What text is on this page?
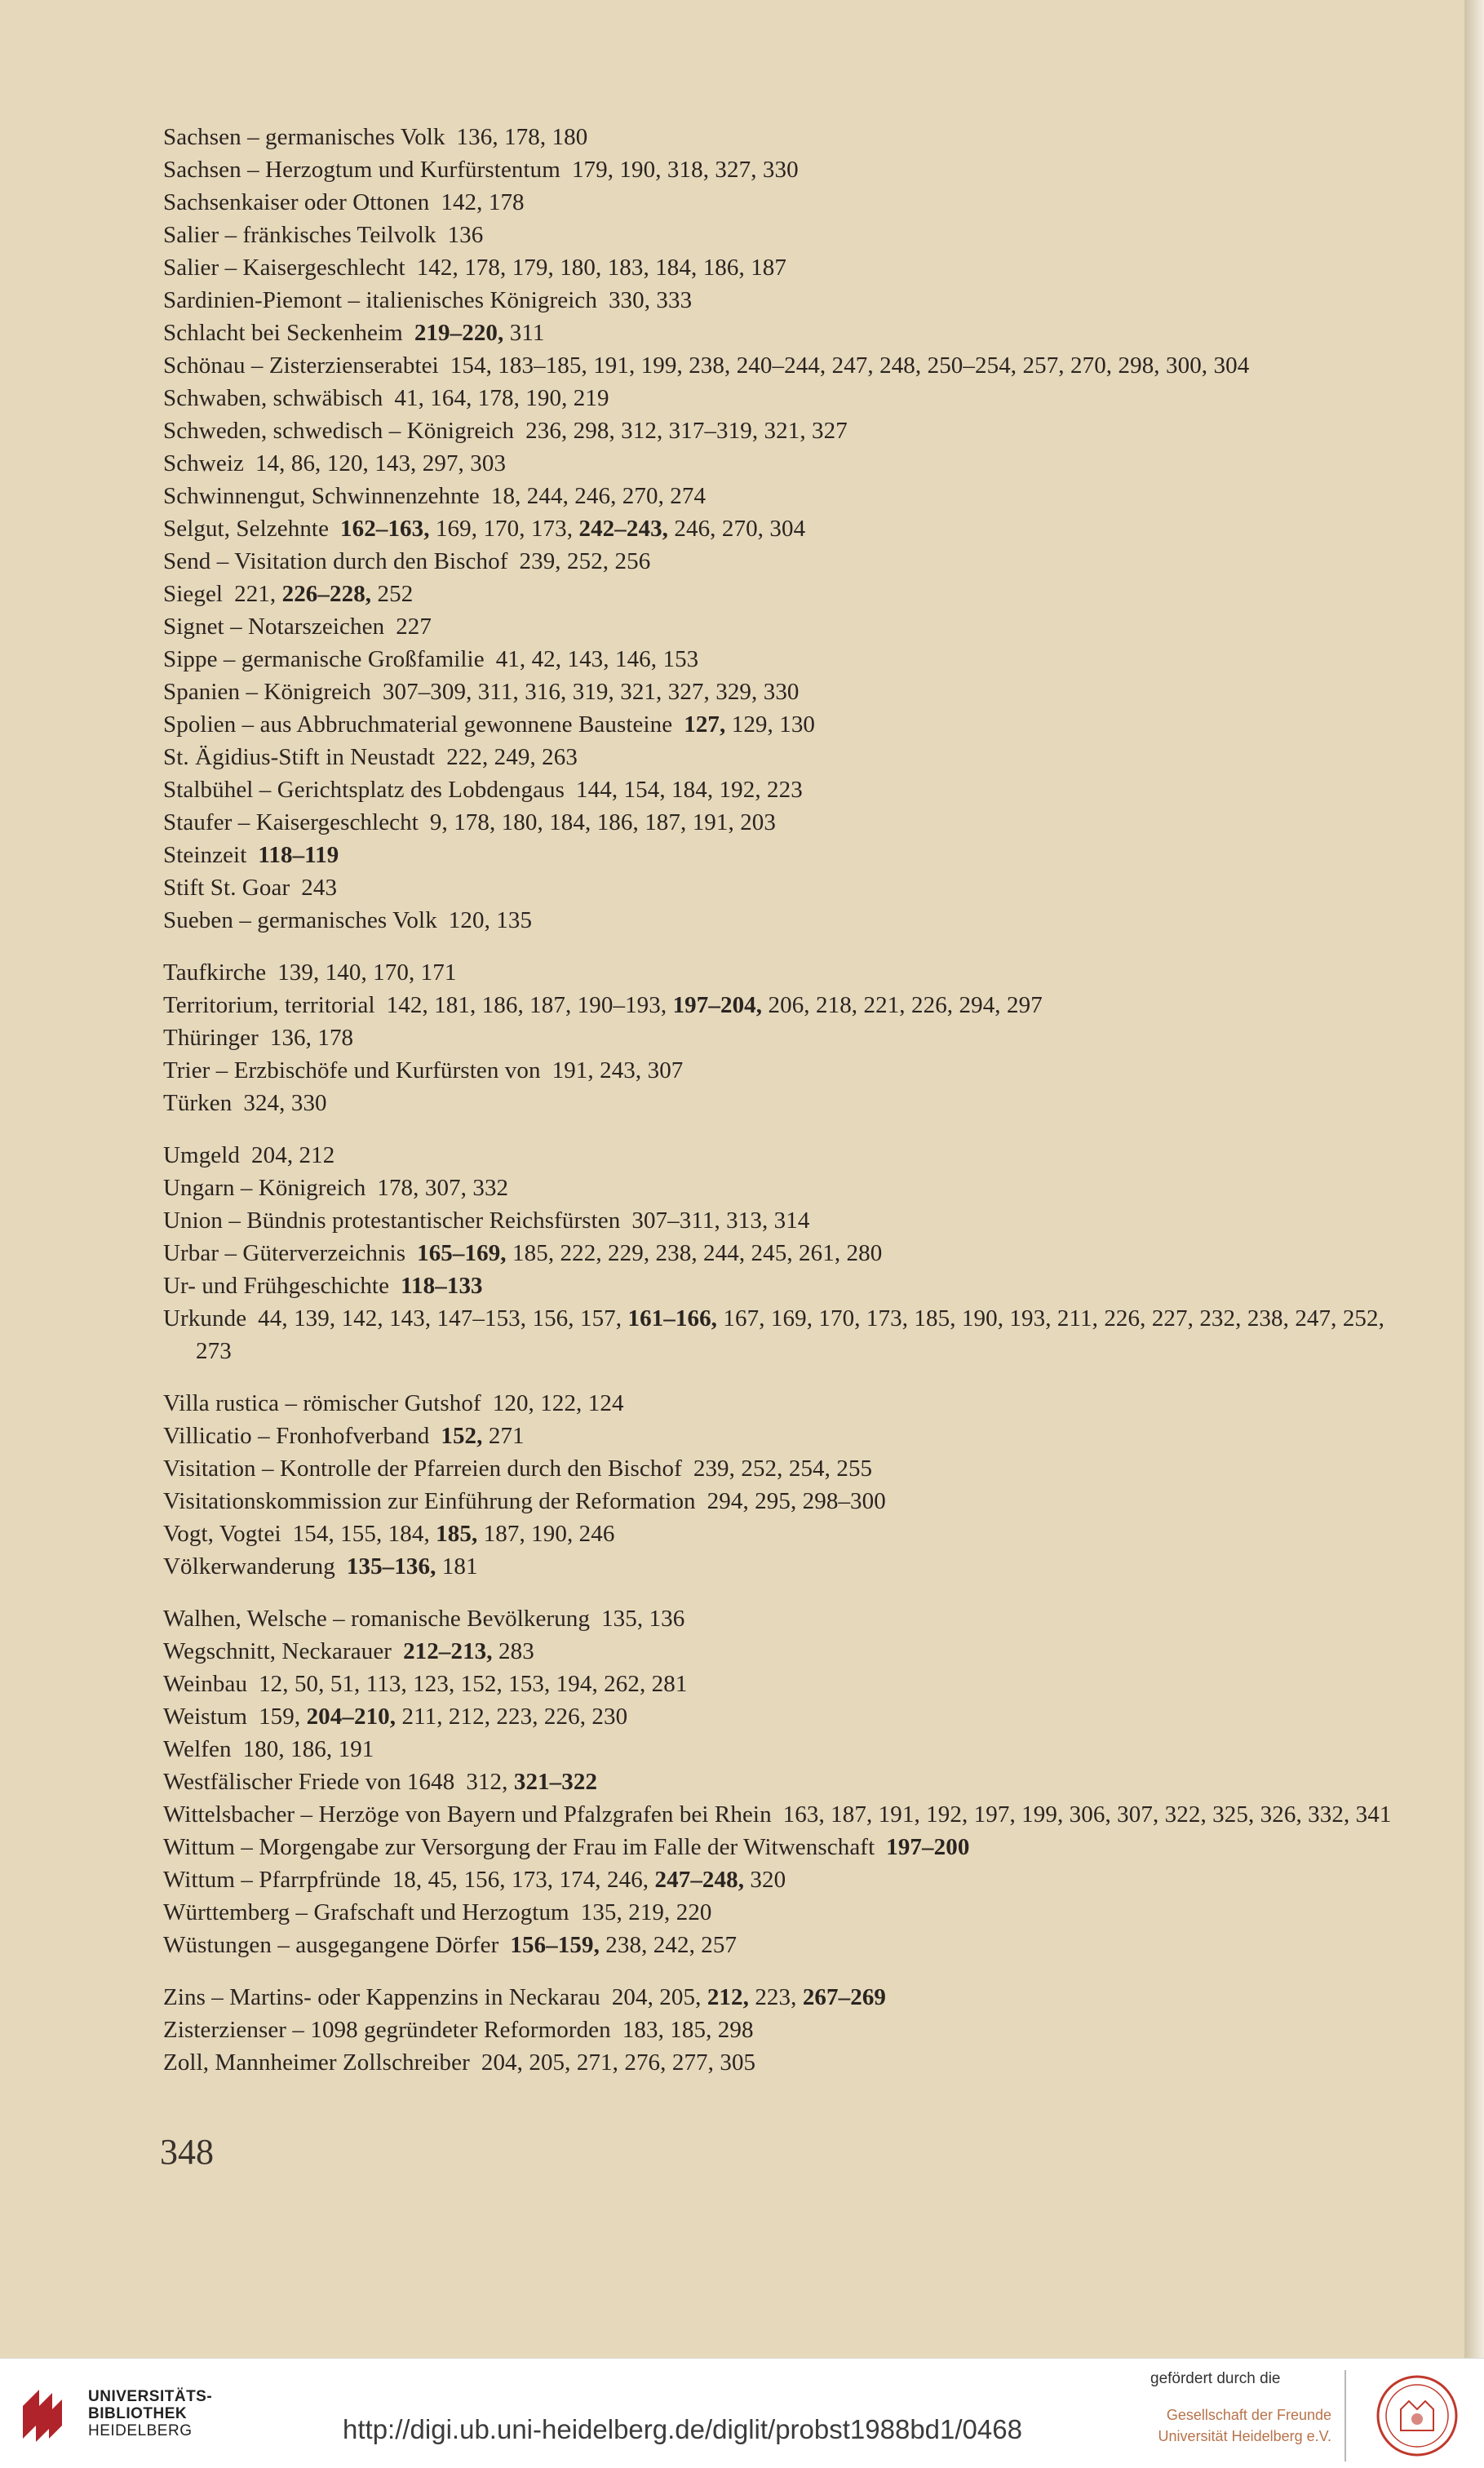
Sachsen – germanisches Volk 136, 178, 180
Sachsen – Herzogtum und Kurfürstentum 179, 190, 318, 327, 330
Sachsenkaiser oder Ottonen 142, 178
Salier – fränkisches Teilvolk 136
Salier – Kaisergeschlecht 142, 178, 179, 180, 183, 184, 186, 187
Sardinien-Piemont – italienisches Königreich 330, 333
Schlacht bei Seckenheim 219–220, 311
Schönau – Zisterzienserabtei 154, 183–185, 191, 199, 238, 240–244, 247, 248, 250–254, 257, 270, 298, 300, 304
Schwaben, schwäbisch 41, 164, 178, 190, 219
Schweden, schwedisch – Königreich 236, 298, 312, 317–319, 321, 327
Schweiz 14, 86, 120, 143, 297, 303
Schwinnengut, Schwinnenzehnte 18, 244, 246, 270, 274
Selgut, Selzehnte 162–163, 169, 170, 173, 242–243, 246, 270, 304
Send – Visitation durch den Bischof 239, 252, 256
Siegel 221, 226–228, 252
Signet – Notarszeichen 227
Sippe – germanische Großfamilie 41, 42, 143, 146, 153
Spanien – Königreich 307–309, 311, 316, 319, 321, 327, 329, 330
Spolien – aus Abbruchmaterial gewonnene Bausteine 127, 129, 130
St. Ägidius-Stift in Neustadt 222, 249, 263
Stalbühel – Gerichtsplatz des Lobdengaus 144, 154, 184, 192, 223
Staufer – Kaisergeschlecht 9, 178, 180, 184, 186, 187, 191, 203
Steinzeit 118–119
Stift St. Goar 243
Sueben – germanisches Volk 120, 135
Taufkirche 139, 140, 170, 171
Territorium, territorial 142, 181, 186, 187, 190–193, 197–204, 206, 218, 221, 226, 294, 297
Thüringer 136, 178
Trier – Erzbischöfe und Kurfürsten von 191, 243, 307
Türken 324, 330
Umgeld 204, 212
Ungarn – Königreich 178, 307, 332
Union – Bündnis protestantischer Reichsfürsten 307–311, 313, 314
Urbar – Güterverzeichnis 165–169, 185, 222, 229, 238, 244, 245, 261, 280
Ur- und Frühgeschichte 118–133
Urkunde 44, 139, 142, 143, 147–153, 156, 157, 161–166, 167, 169, 170, 173, 185, 190, 193, 211, 226, 227, 232, 238, 247, 252, 273
Villa rustica – römischer Gutshof 120, 122, 124
Villicatio – Fronhofverband 152, 271
Visitation – Kontrolle der Pfarreien durch den Bischof 239, 252, 254, 255
Visitationskommission zur Einführung der Reformation 294, 295, 298–300
Vogt, Vogtei 154, 155, 184, 185, 187, 190, 246
Völkerwanderung 135–136, 181
Walhen, Welsche – romanische Bevölkerung 135, 136
Wegschnitt, Neckarauer 212–213, 283
Weinbau 12, 50, 51, 113, 123, 152, 153, 194, 262, 281
Weistum 159, 204–210, 211, 212, 223, 226, 230
Welfen 180, 186, 191
Westfälischer Friede von 1648 312, 321–322
Wittelsbacher – Herzöge von Bayern und Pfalzgrafen bei Rhein 163, 187, 191, 192, 197, 199, 306, 307, 322, 325, 326, 332, 341
Wittum – Morgengabe zur Versorgung der Frau im Falle der Witwenschaft 197–200
Wittum – Pfarrpfründe 18, 45, 156, 173, 174, 246, 247–248, 320
Württemberg – Grafschaft und Herzogtum 135, 219, 220
Wüstungen – ausgegangene Dörfer 156–159, 238, 242, 257
Zins – Martins- oder Kappenzins in Neckarau 204, 205, 212, 223, 267–269
Zisterzienser – 1098 gegründeter Reformorden 183, 185, 298
Zoll, Mannheimer Zollschreiber 204, 205, 271, 276, 277, 305
348
UNIVERSITÄTS-
BIBLIOTHEK
HEIDELBERG	http://digi.ub.uni-heidelberg.de/diglit/probst1988bd1/0468
gefördert durch die
Gesellschaft der Freunde
Universität Heidelberg e.V.
